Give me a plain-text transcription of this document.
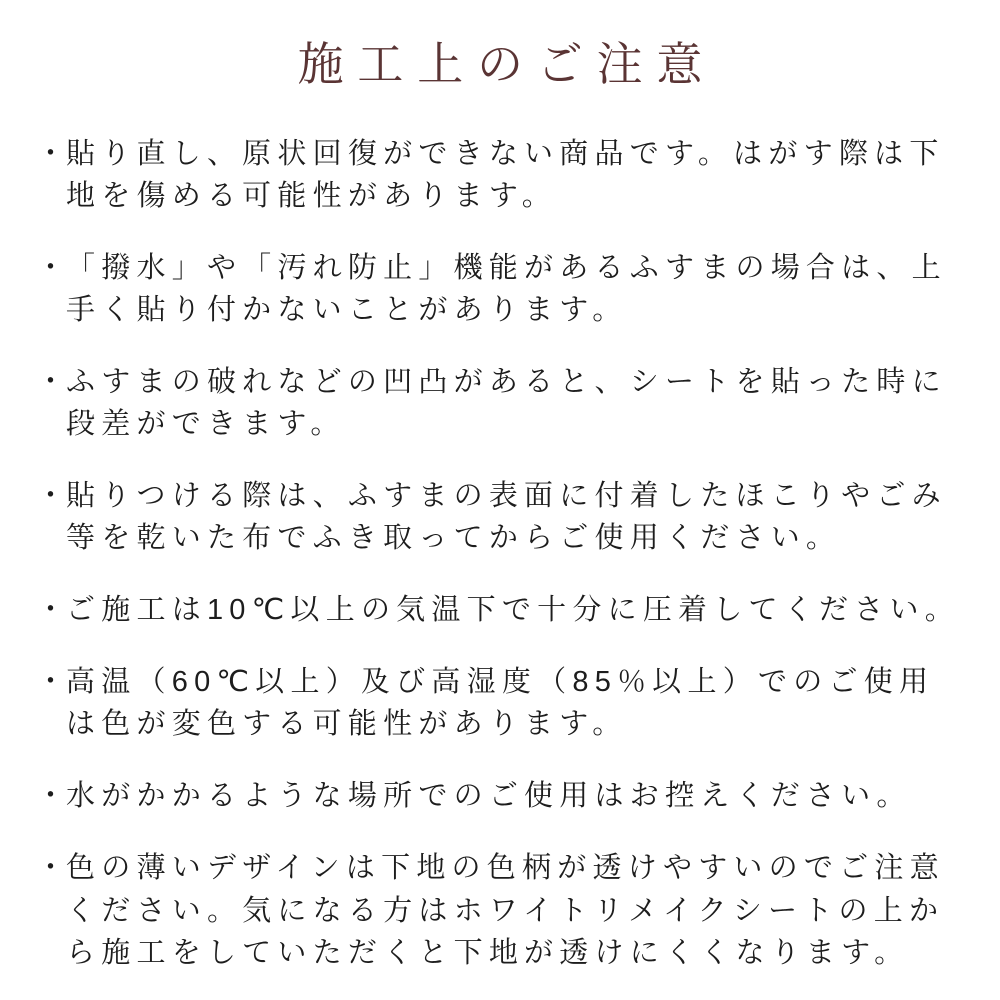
施工上のご注意
・ 貼り直し、原状回復ができない商品です。はがす際は下地を傷める可能性があります。
・ 「撥水」や「汚れ防止」機能があるふすまの場合は、上手く貼り付かないことがあります。
・ ふすまの破れなどの凹凸があると、シートを貼った時に段差ができます。
・ 貼りつける際は、ふすまの表面に付着したほこりやごみ等を乾いた布でふき取ってからご使用ください。
・ ご施工は10℃以上の気温下で十分に圧着してください。
・ 高温（60℃以上）及び高湿度（85％以上）でのご使用は色が変色する可能性があります。
・ 水がかかるような場所でのご使用はお控えください。
・ 色の薄いデザインは下地の色柄が透けやすいのでご注意ください。気になる方はホワイトリメイクシートの上から施工をしていただくと下地が透けにくくなります。
